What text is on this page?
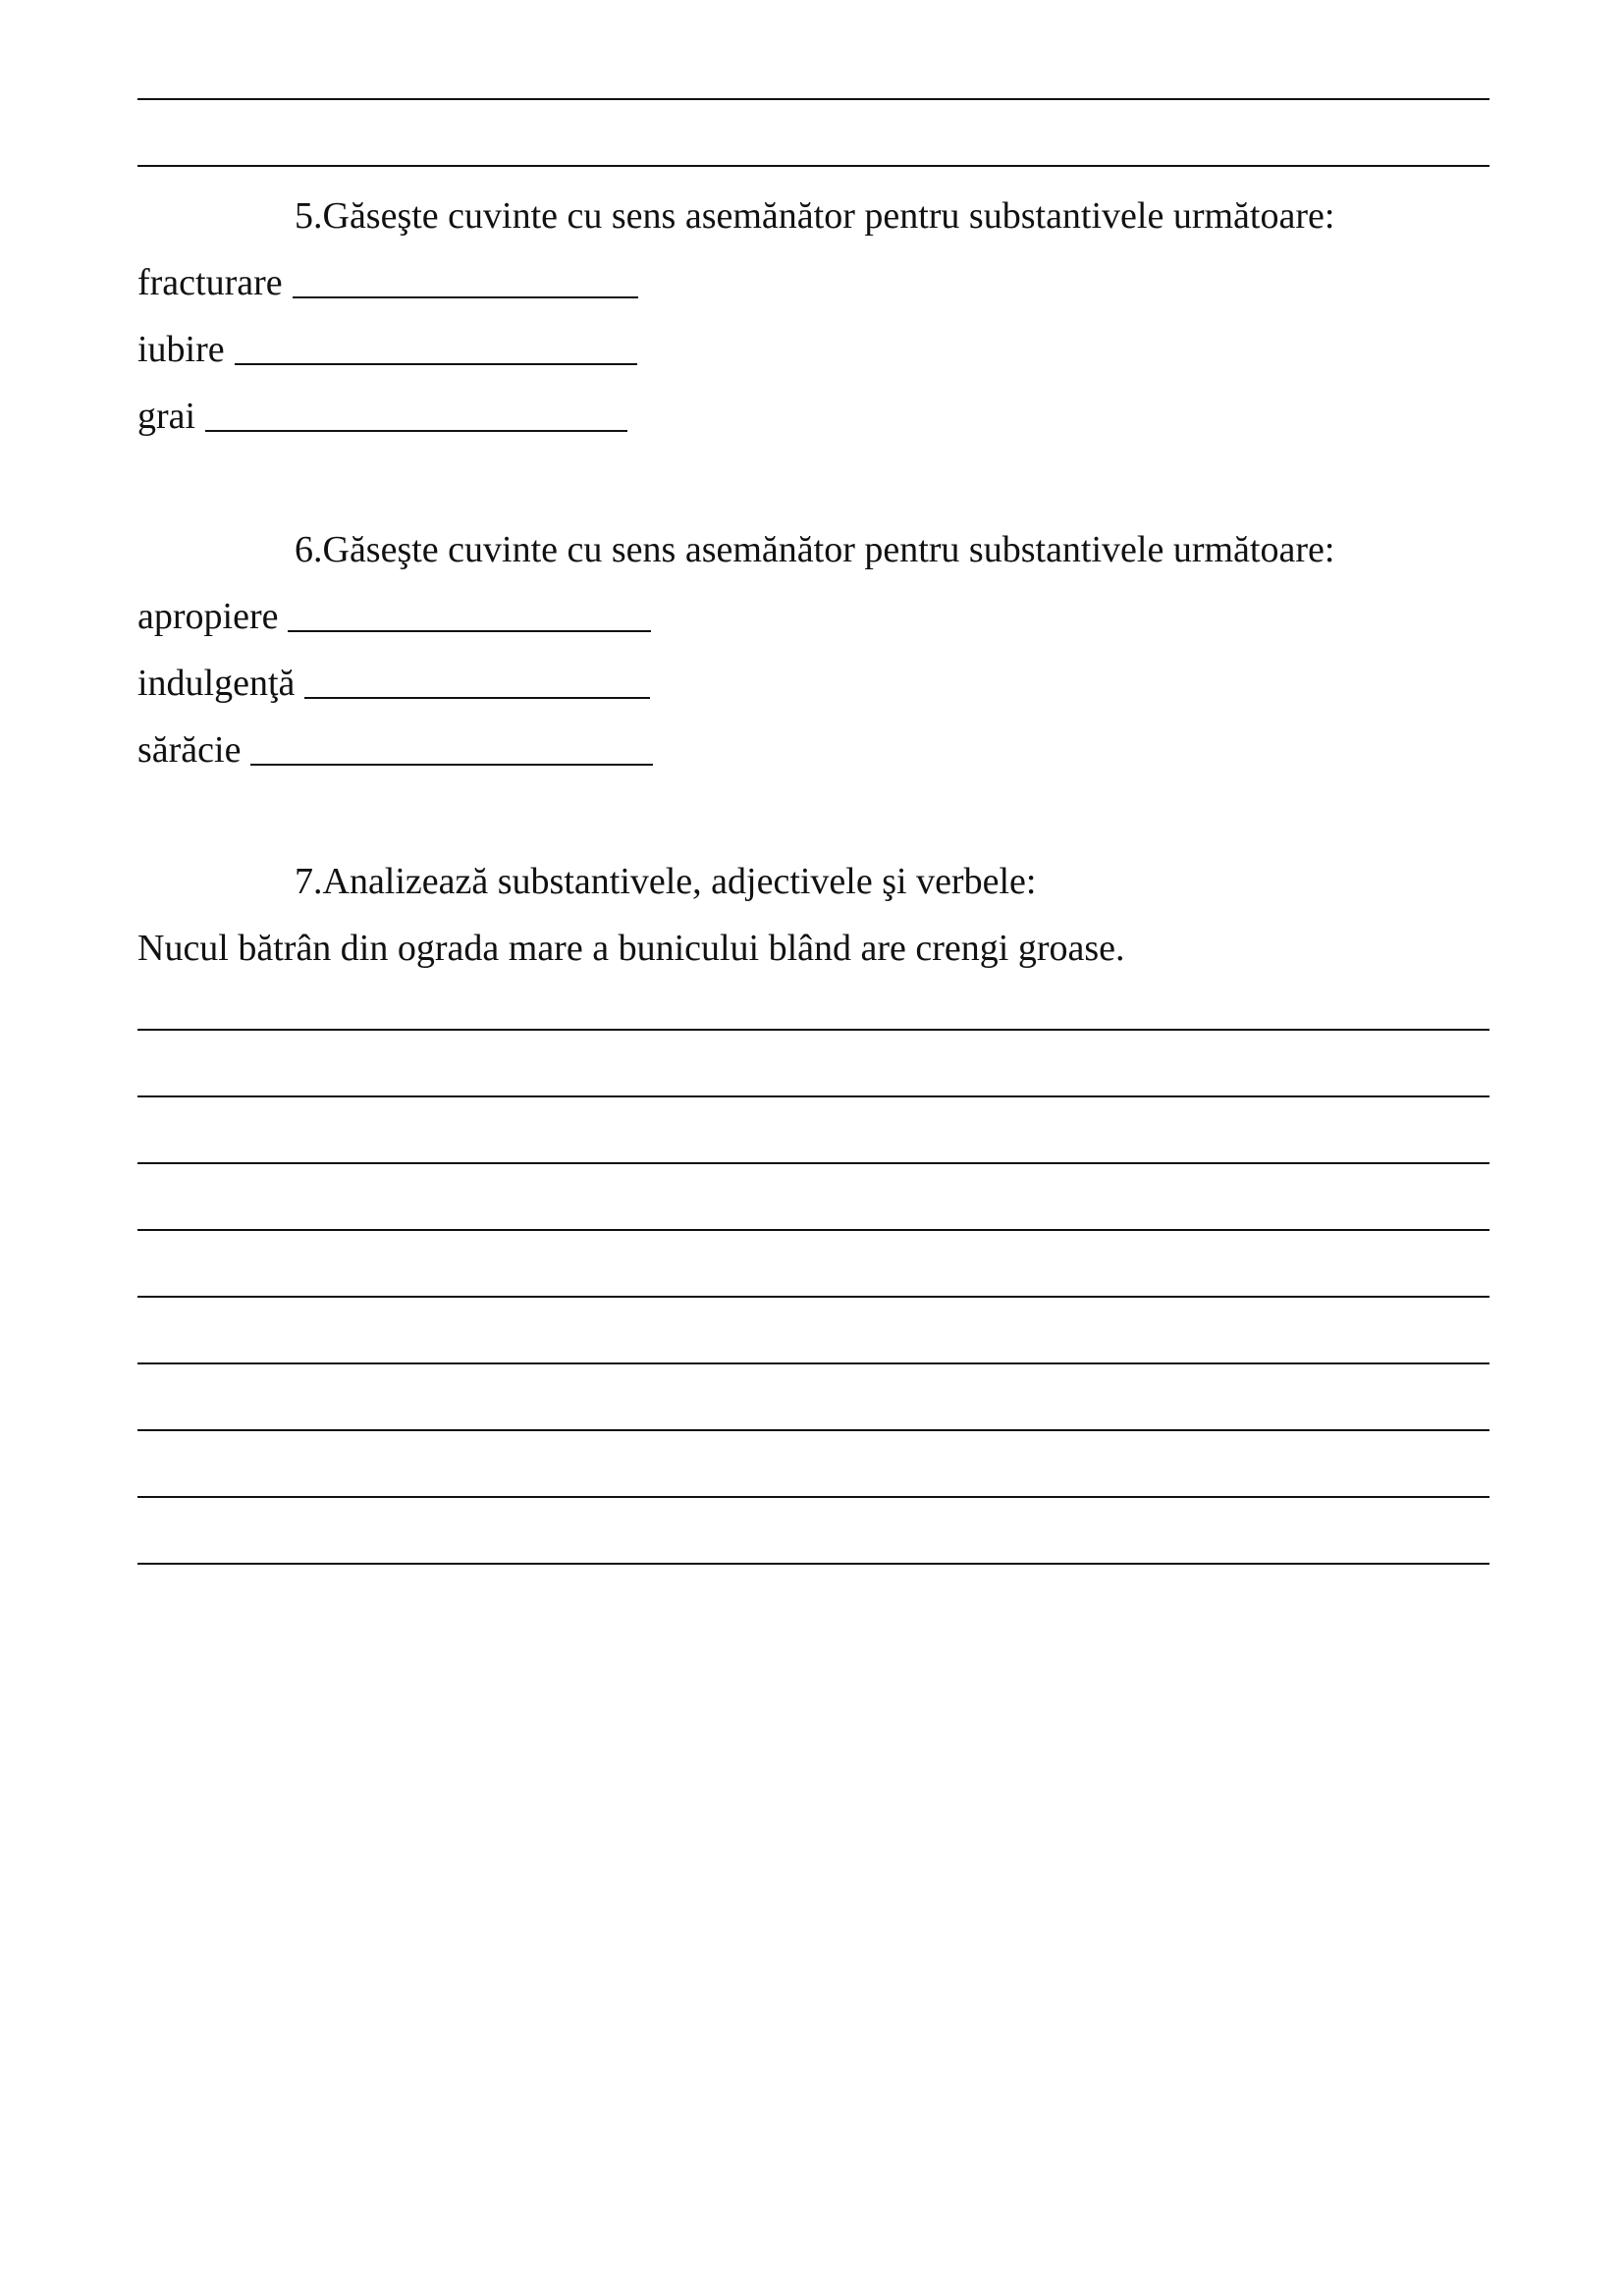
5.Găseşte cuvinte cu sens asemănător pentru substantivele următoare:
fracturare
iubire
grai
6.Găseşte cuvinte cu sens asemănător pentru substantivele următoare:
apropiere
indulgenţă
sărăcie
7.Analizează substantivele, adjectivele şi verbele:
Nucul bătrân din ograda mare a bunicului blând are crengi groase.
